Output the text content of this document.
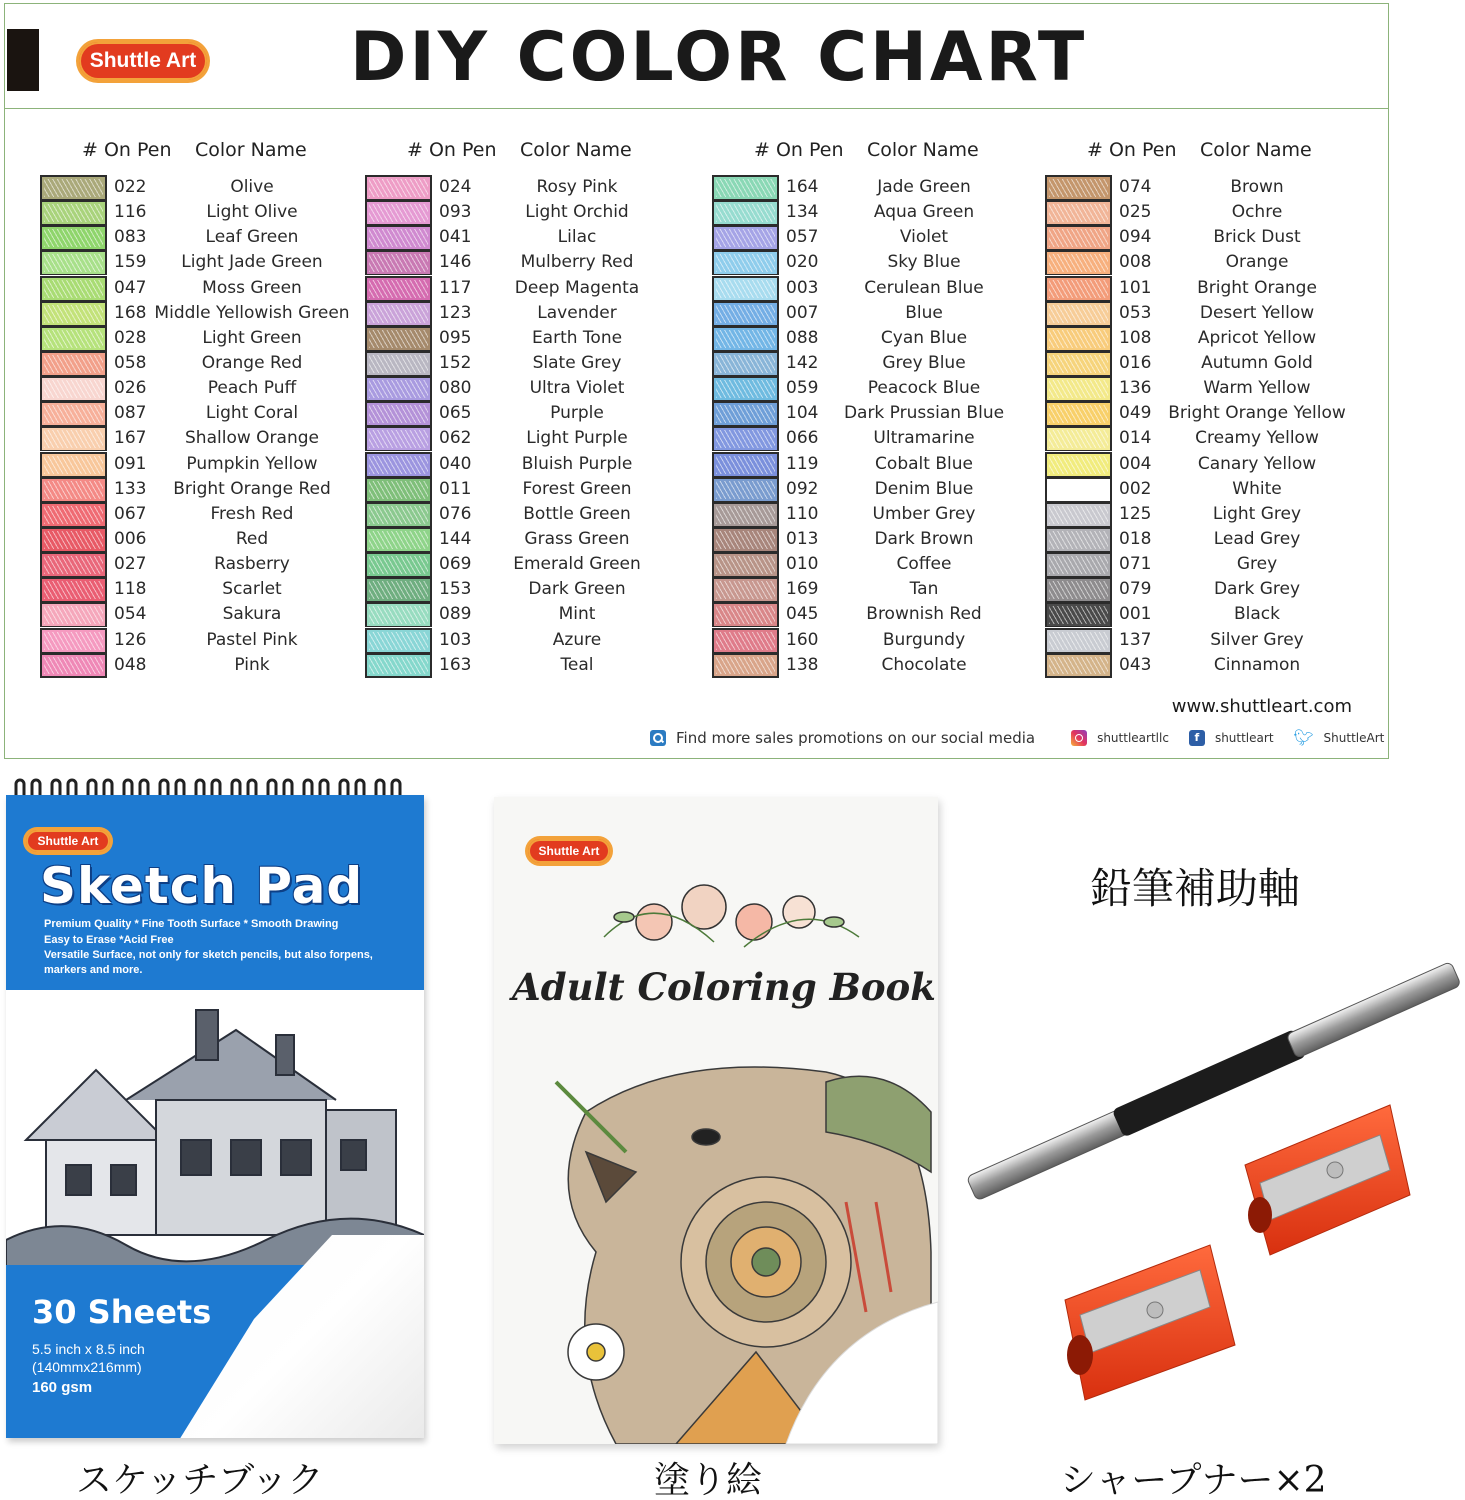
Shuttle Art DIY COLOR CHART
# On Pen Color Name
022	Olive
116	Light Olive
083	Leaf Green
159	Light Jade Green
047	Moss Green
168 Middle Yellowish Green
028	Light Green
058	Orange Red
026	Peach Puff
087	Light Coral
167	Shallow Orange
091	Pumpkin Yellow
133	Bright Orange Red
067	Fresh Red
006	Red
027	Rasberry
118	Scarlet
054	Sakura
126	Pastel Pink
048	Pink
# On Pen Color Name
024	Rosy Pink
093	Light Orchid
041	Lilac
146	Mulberry Red
117	Deep Magenta
123	Lavender
095	Earth Tone
152	Slate Grey
080	Ultra Violet
065	Purple
062	Light Purple
040	Bluish Purple
011	Forest Green
076	Bottle Green
144	Grass Green
069	Emerald Green
153	Dark Green
089	Mint
103	Azure
163	Teal
# On Pen Color Name
164	Jade Green
134	Aqua Green
057	Violet
020	Sky Blue
003	Cerulean Blue
007	Blue
088	Cyan Blue
142	Grey Blue
059	Peacock Blue
104	Dark Prussian Blue
066	Ultramarine
119	Cobalt Blue
092	Denim Blue
110	Umber Grey
013	Dark Brown
010	Coffee
169	Tan
045	Brownish Red
160	Burgundy
138	Chocolate
# On Pen Color Name
074	Brown
025	Ochre
094	Brick Dust
008	Orange
101	Bright Orange
053	Desert Yellow
108	Apricot Yellow
016	Autumn Gold
136	Warm Yellow
049 Bright Orange Yellow
014	Creamy Yellow
004	Canary Yellow
002	White
125	Light Grey
018	Lead Grey
071	Grey
079	Dark Grey
001	Black
137	Silver Grey
043	Cinnamon
www.shuttleart.com
Find more sales promotions on our social media	shuttleartllc	f	shuttleart 🐦︎ ShuttleArt
Shuttle Art
Sketch Pad
Premium Quality * Fine Tooth Surface * Smooth Drawing
Easy to Erase *Acid Free
Versatile Surface, not only for sketch pencils, but also forpens,
markers and more.
30 Sheets
5.5 inch x 8.5 inch
(140mmx216mm)
160 gsm
スケッチブック
Shuttle Art
Adult Coloring Book
塗り絵
鉛筆補助軸
シャープナー×2
